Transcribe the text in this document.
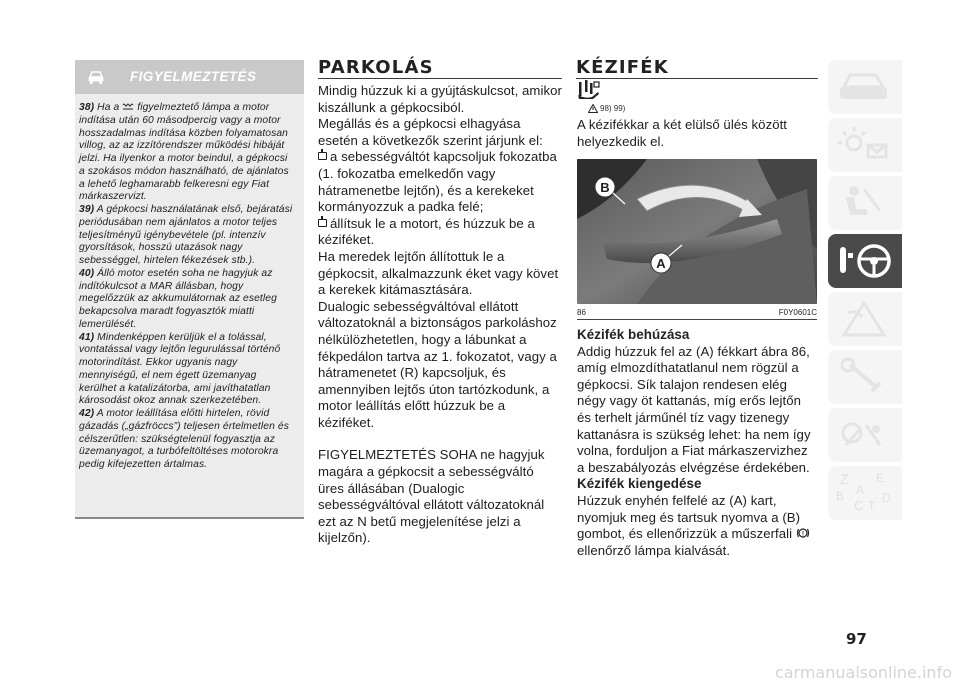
FIGYELMEZTETÉS

38) Ha a figyelmeztető lámpa a motor indítása után 60 másodpercig vagy a motor hosszadalmas indítása közben folyamatosan villog, az az izzítórendszer működési hibáját jelzi. Ha ilyenkor a motor beindul, a gépkocsi a szokásos módon használható, de ajánlatos a lehető leghamarabb felkeresni egy Fiat márkaszervizt.

39) A gépkocsi használatának első, bejáratási periódusában nem ajánlatos a motor teljes teljesítményű igénybevétele (pl. intenzív gyorsítások, hosszú utazások nagy sebességgel, hirtelen fékezések stb.).

40) Álló motor esetén soha ne hagyjuk az indítókulcsot a MAR állásban, hogy megelőzzük az akkumulátornak az esetleg bekapcsolva maradt fogyasztók miatti lemerülését.

41) Mindenképpen kerüljük el a tolással, vontatással vagy lejtőn legurulással történő motorindítást. Ekkor ugyanis nagy mennyiségű, el nem égett üzemanyag kerülhet a katalizátorba, ami javíthatatlan károsodást okoz annak szerkezetében.

42) A motor leállítása előtti hirtelen, rövid gázadás („gázfröccs”) teljesen értelmetlen és célszerűtlen: szükségtelenül fogyasztja az üzemanyagot, a turbófeltöltéses motorokra pedig kifejezetten ártalmas.

PARKOLÁS
Mindig húzzuk ki a gyújtáskulcsot, amikor kiszállunk a gépkocsiból.
Megállás és a gépkocsi elhagyása esetén a következők szerint járjunk el:
a sebességváltót kapcsoljuk fokozatba (1. fokozatba emelkedőn vagy hátramenetbe lejtőn), és a kerekeket kormányozzuk a padka felé;
állítsuk le a motort, és húzzuk be a kéziféket.
Ha meredek lejtőn állítottuk le a gépkocsit, alkalmazzunk éket vagy követ a kerekek kitámasztására.
Dualogic sebességváltóval ellátott változatoknál a biztonságos parkoláshoz nélkülözhetetlen, hogy a lábunkat a fékpedálon tartva az 1. fokozatot, vagy a hátramenetet (R) kapcsoljuk, és amennyiben lejtős úton tartózkodunk, a motor leállítás előtt húzzuk be a kéziféket.
FIGYELMEZTETÉS SOHA ne hagyjuk magára a gépkocsit a sebességváltó üres állásában (Dualogic sebességváltóval ellátott változatoknál ezt az N betű megjelenítése jelzi a kijelzőn).
KÉZIFÉK
98) 99)
A kézifékkar a két elülső ülés között helyezkedik el.
B
A
86	F0Y0601C
Kézifék behúzása
Addig húzzuk fel az (A) fékkart ábra 86, amíg elmozdíthatatlanul nem rögzül a gépkocsi. Sík talajon rendesen elég négy vagy öt kattanás, míg erős lejtőn és terhelt járműnél tíz vagy tizenegy kattanásra is szükség lehet: ha nem így volna, forduljon a Fiat márkaszervizhez a beszabályozás elvégzése érdekében.
Kézifék kiengedése
Húzzuk enyhén felfelé az (A) kart, nyomjuk meg és tartsuk nyomva a (B) gombot, és ellenőrizzük a műszerfali !
ellenőrző lámpa kialvását.
Z E
B
C T
D
A
97
carmanualsonline.info
